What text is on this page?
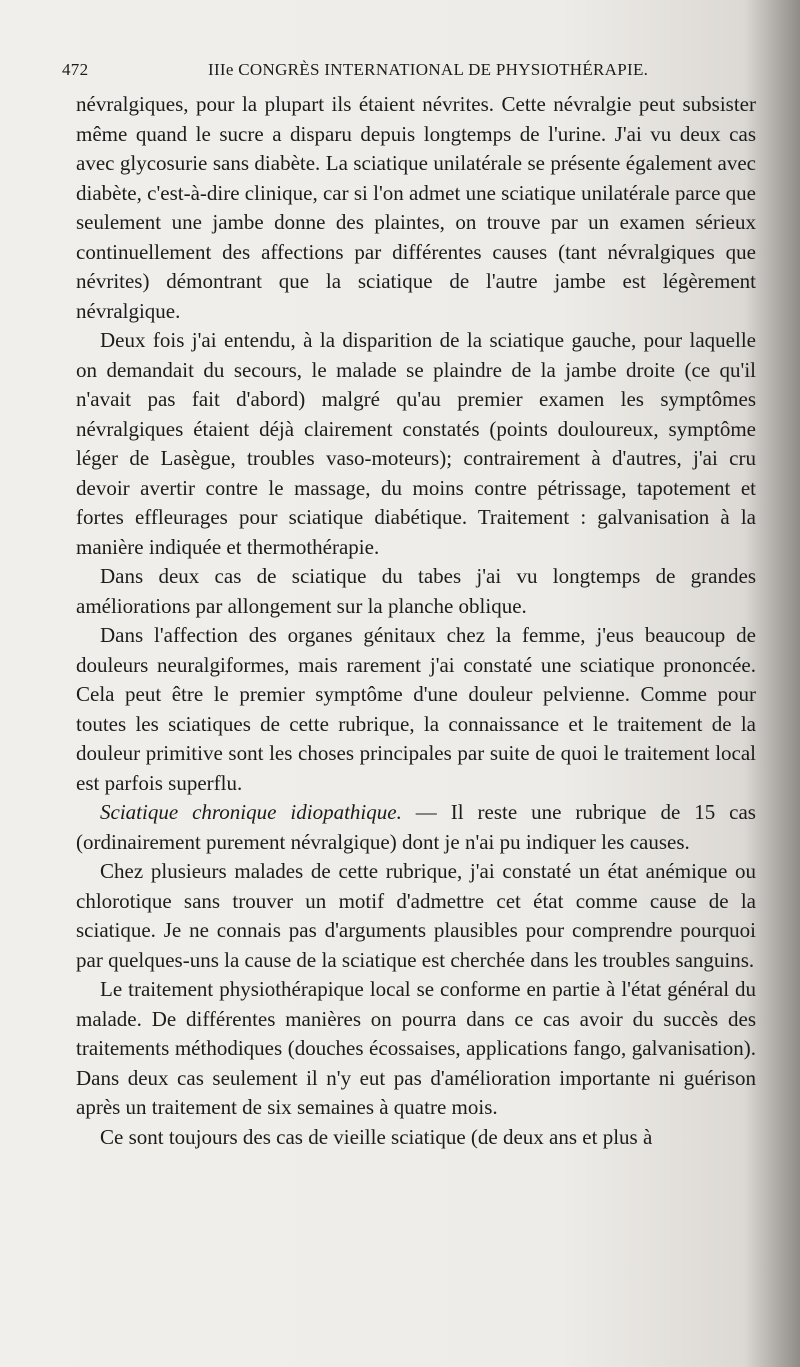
472	IIIe CONGRÈS INTERNATIONAL DE PHYSIOTHÉRAPIE.

névralgiques, pour la plupart ils étaient névrites. Cette névralgie peut subsister même quand le sucre a disparu depuis longtemps de l'urine. J'ai vu deux cas avec glycosurie sans diabète. La sciatique unilatérale se présente également avec diabète, c'est-à-dire clinique, car si l'on admet une sciatique unilatérale parce que seulement une jambe donne des plaintes, on trouve par un examen sérieux continuellement des affections par différentes causes (tant névralgiques que névrites) démontrant que la sciatique de l'autre jambe est légèrement névralgique.

Deux fois j'ai entendu, à la disparition de la sciatique gauche, pour laquelle on demandait du secours, le malade se plaindre de la jambe droite (ce qu'il n'avait pas fait d'abord) malgré qu'au premier examen les symptômes névralgiques étaient déjà clairement constatés (points douloureux, symptôme léger de Lasègue, troubles vaso-moteurs); contrairement à d'autres, j'ai cru devoir avertir contre le massage, du moins contre pétrissage, tapotement et fortes effleurages pour sciatique diabétique. Traitement : galvanisation à la manière indiquée et thermothérapie.

Dans deux cas de sciatique du tabes j'ai vu longtemps de grandes améliorations par allongement sur la planche oblique.

Dans l'affection des organes génitaux chez la femme, j'eus beaucoup de douleurs neuralgiformes, mais rarement j'ai constaté une sciatique prononcée. Cela peut être le premier symptôme d'une douleur pelvienne. Comme pour toutes les sciatiques de cette rubrique, la connaissance et le traitement de la douleur primitive sont les choses principales par suite de quoi le traitement local est parfois superflu.

Sciatique chronique idiopathique. — Il reste une rubrique de 15 cas (ordinairement purement névralgique) dont je n'ai pu indiquer les causes.

Chez plusieurs malades de cette rubrique, j'ai constaté un état anémique ou chlorotique sans trouver un motif d'admettre cet état comme cause de la sciatique. Je ne connais pas d'arguments plausibles pour comprendre pourquoi par quelques-uns la cause de la sciatique est cherchée dans les troubles sanguins.

Le traitement physiothérapique local se conforme en partie à l'état général du malade. De différentes manières on pourra dans ce cas avoir du succès des traitements méthodiques (douches écossaises, applications fango, galvanisation). Dans deux cas seulement il n'y eut pas d'amélioration importante ni guérison après un traitement de six semaines à quatre mois.

Ce sont toujours des cas de vieille sciatique (de deux ans et plus à
